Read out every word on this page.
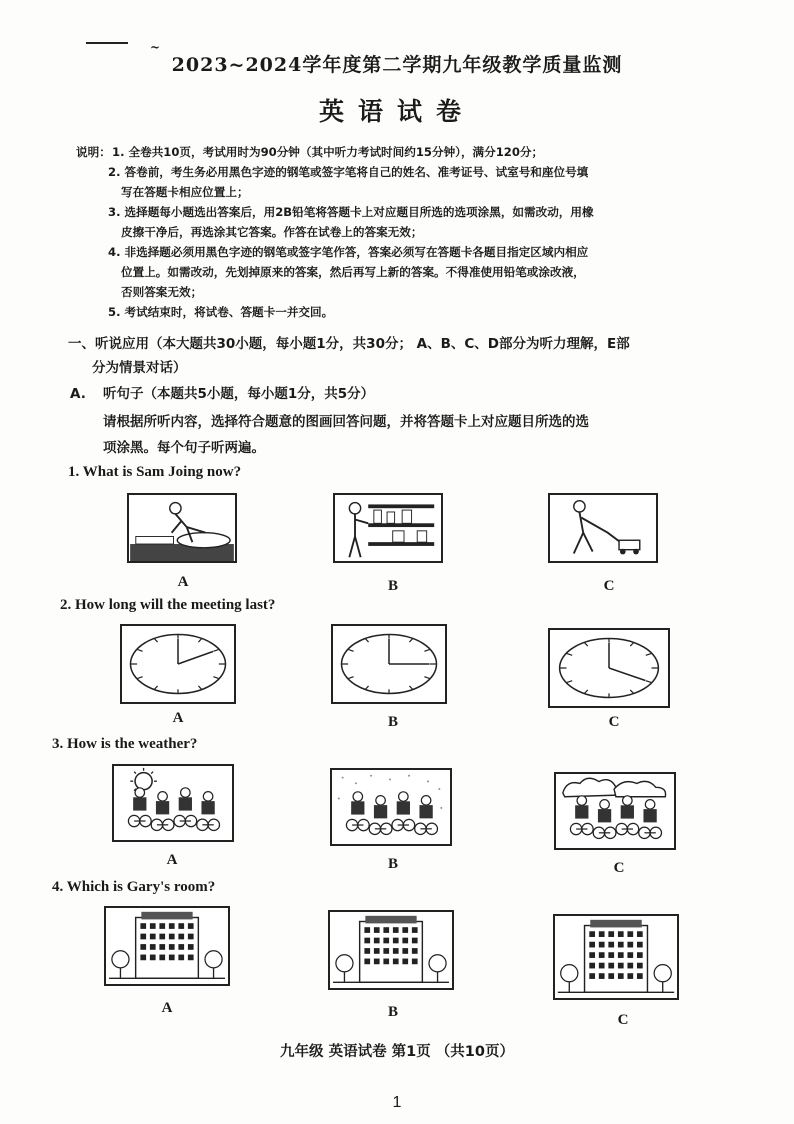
~
2023~2024学年度第二学期九年级教学质量监测
英语试卷
说明： 1. 全卷共10页，考试用时为90分钟（其中听力考试时间约15分钟），满分120分；
2. 答卷前，考生务必用黑色字迹的钢笔或签字笔将自己的姓名、准考证号、试室号和座位号填
写在答题卡相应位置上；
3. 选择题每小题选出答案后，用2B铅笔将答题卡上对应题目所选的选项涂黑，如需改动，用橡
皮擦干净后，再选涂其它答案。作答在试卷上的答案无效；
4. 非选择题必须用黑色字迹的钢笔或签字笔作答，答案必须写在答题卡各题目指定区域内相应
位置上。如需改动，先划掉原来的答案，然后再写上新的答案。不得准使用铅笔或涂改液，
否则答案无效；
5. 考试结束时，将试卷、答题卡一并交回。
一、听说应用（本大题共30小题，每小题1分，共30分； A、B、C、D部分为听力理解，E部
分为情景对话）
A. 听句子（本题共5小题，每小题1分，共5分）
请根据所听内容，选择符合题意的图画回答问题，并将答题卡上对应题目所选的选
项涂黑。每个句子听两遍。
1. What is Sam Joing now?
A	B	C
2. How long will the meeting last?
A	B	C
3. How is the weather?
A	B	C
4. Which is Gary's room?
A	B	C
九年级 英语试卷 第1页 （共10页）
1
